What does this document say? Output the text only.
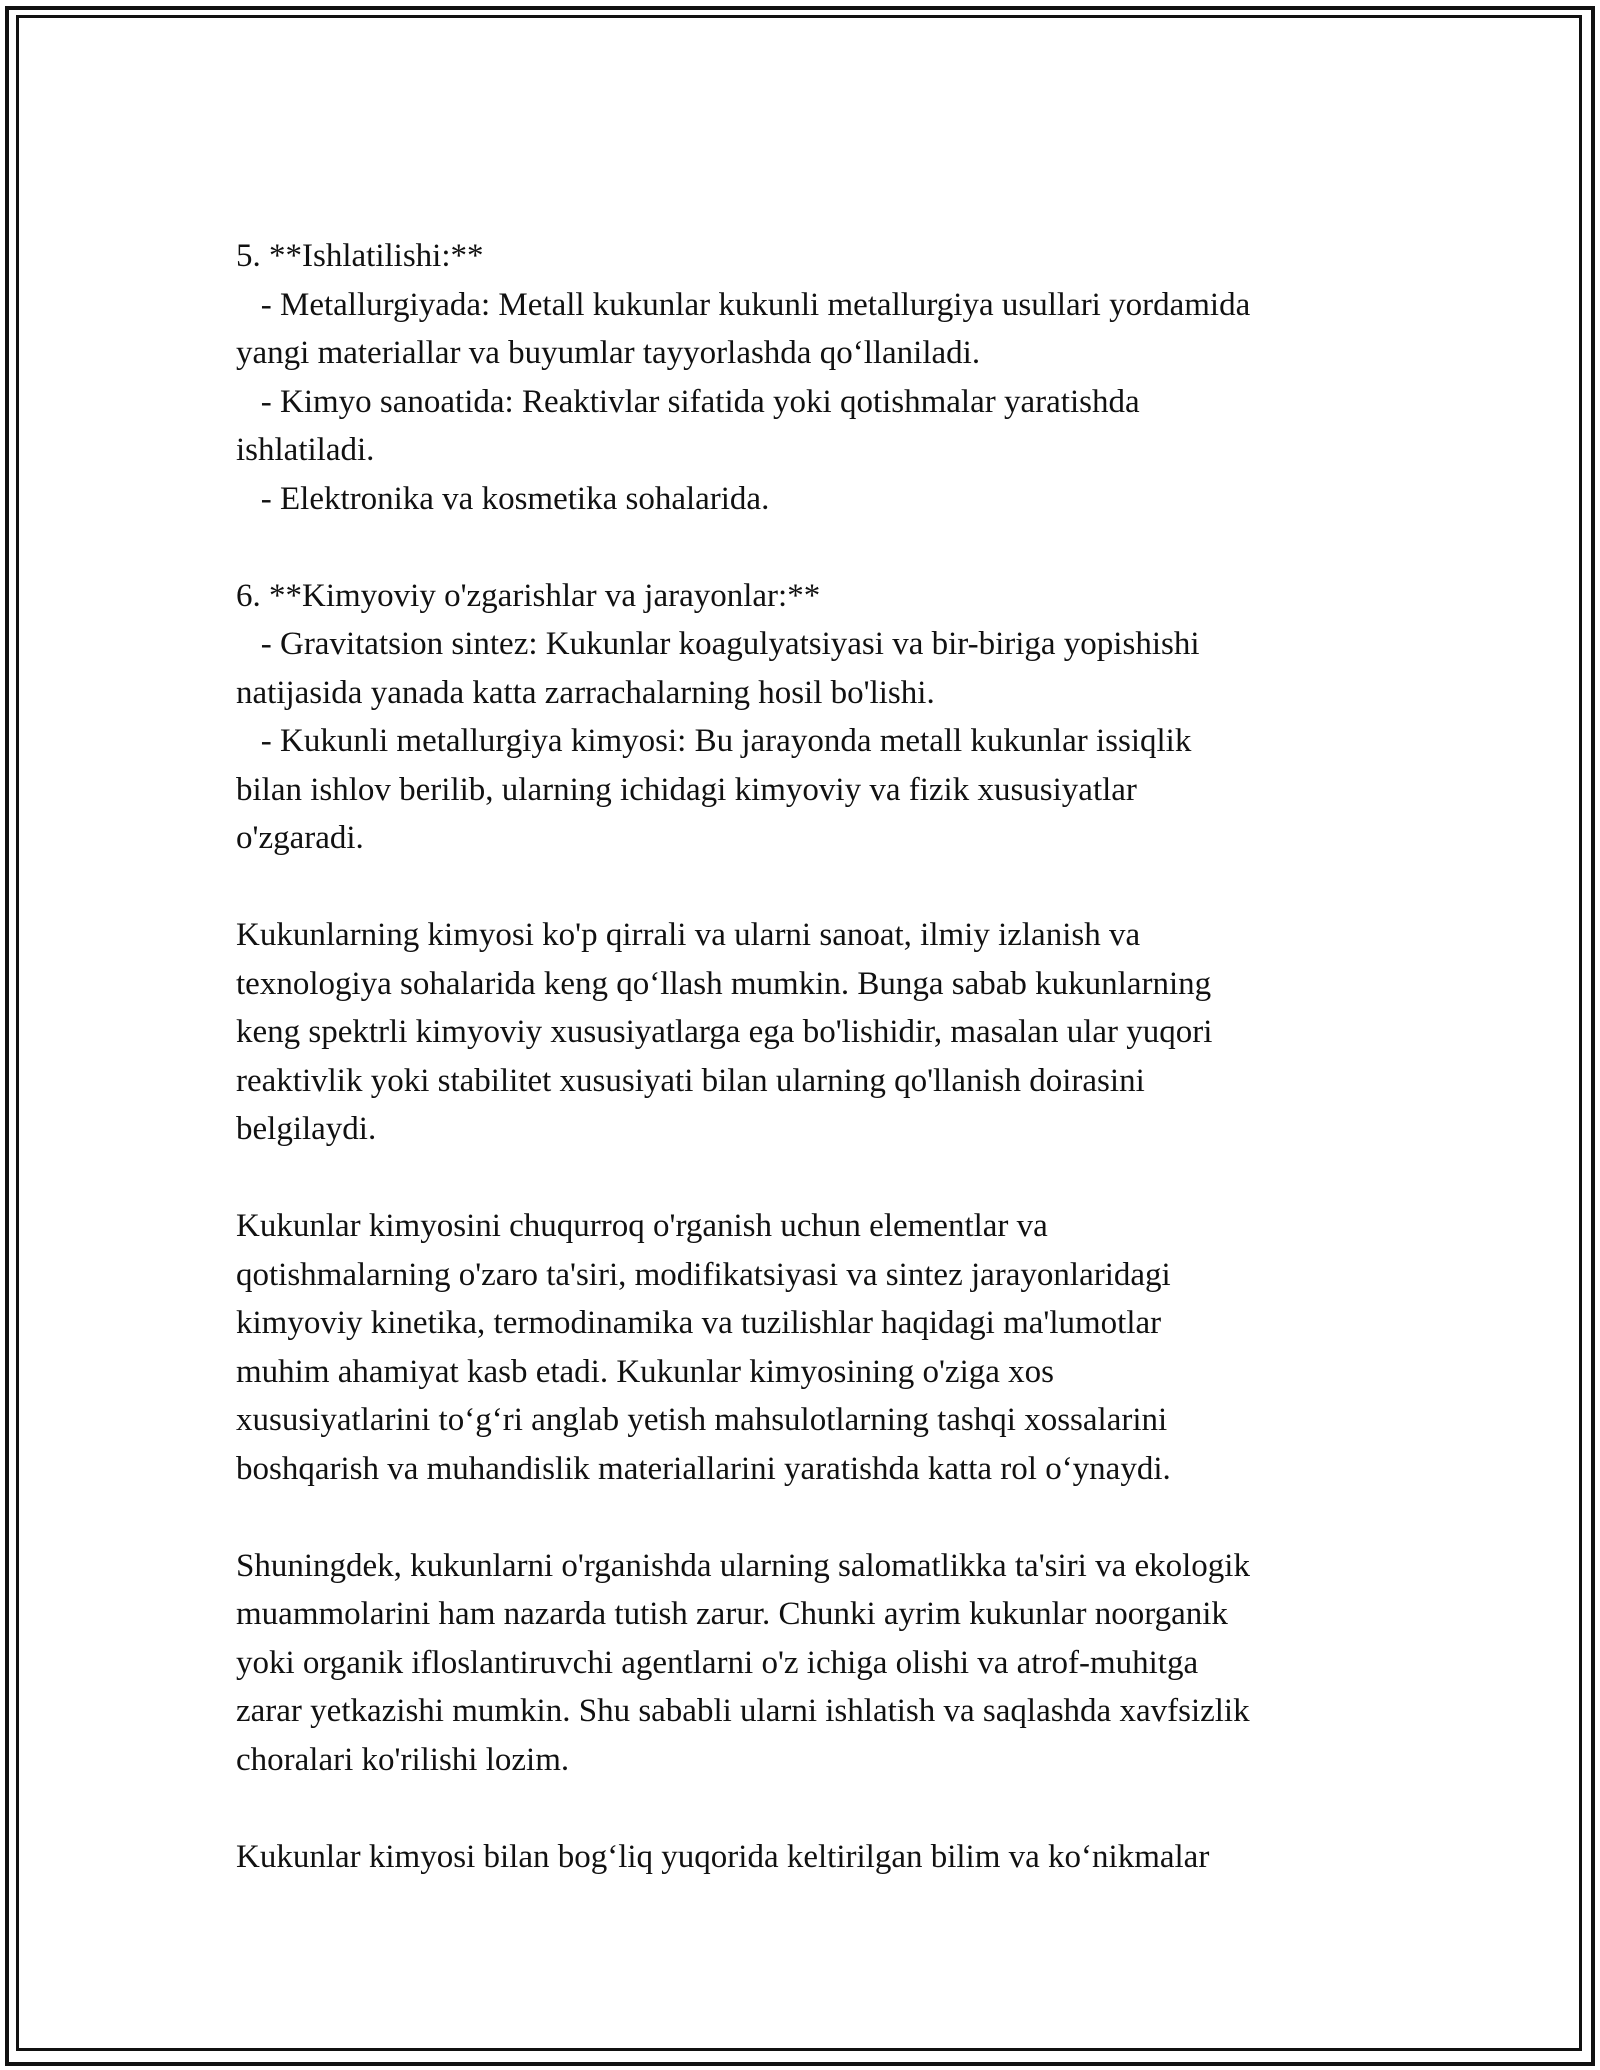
5. **Ishlatilishi:**
- Metallurgiyada: Metall kukunlar kukunli metallurgiya usullari yordamida
yangi materiallar va buyumlar tayyorlashda qo‘llaniladi.
- Kimyo sanoatida: Reaktivlar sifatida yoki qotishmalar yaratishda
ishlatiladi.
- Elektronika va kosmetika sohalarida.
6. **Kimyoviy o'zgarishlar va jarayonlar:**
- Gravitatsion sintez: Kukunlar koagulyatsiyasi va bir-biriga yopishishi
natijasida yanada katta zarrachalarning hosil bo'lishi.
- Kukunli metallurgiya kimyosi: Bu jarayonda metall kukunlar issiqlik
bilan ishlov berilib, ularning ichidagi kimyoviy va fizik xususiyatlar
o'zgaradi.
Kukunlarning kimyosi ko'p qirrali va ularni sanoat, ilmiy izlanish va
texnologiya sohalarida keng qo‘llash mumkin. Bunga sabab kukunlarning
keng spektrli kimyoviy xususiyatlarga ega bo'lishidir, masalan ular yuqori
reaktivlik yoki stabilitet xususiyati bilan ularning qo'llanish doirasini
belgilaydi.
Kukunlar kimyosini chuqurroq o'rganish uchun elementlar va
qotishmalarning o'zaro ta'siri, modifikatsiyasi va sintez jarayonlaridagi
kimyoviy kinetika, termodinamika va tuzilishlar haqidagi ma'lumotlar
muhim ahamiyat kasb etadi. Kukunlar kimyosining o'ziga xos
xususiyatlarini to‘g‘ri anglab yetish mahsulotlarning tashqi xossalarini
boshqarish va muhandislik materiallarini yaratishda katta rol o‘ynaydi.
Shuningdek, kukunlarni o'rganishda ularning salomatlikka ta'siri va ekologik
muammolarini ham nazarda tutish zarur. Chunki ayrim kukunlar noorganik
yoki organik ifloslantiruvchi agentlarni o'z ichiga olishi va atrof-muhitga
zarar yetkazishi mumkin. Shu sababli ularni ishlatish va saqlashda xavfsizlik
choralari ko'rilishi lozim.
Kukunlar kimyosi bilan bog‘liq yuqorida keltirilgan bilim va ko‘nikmalar
